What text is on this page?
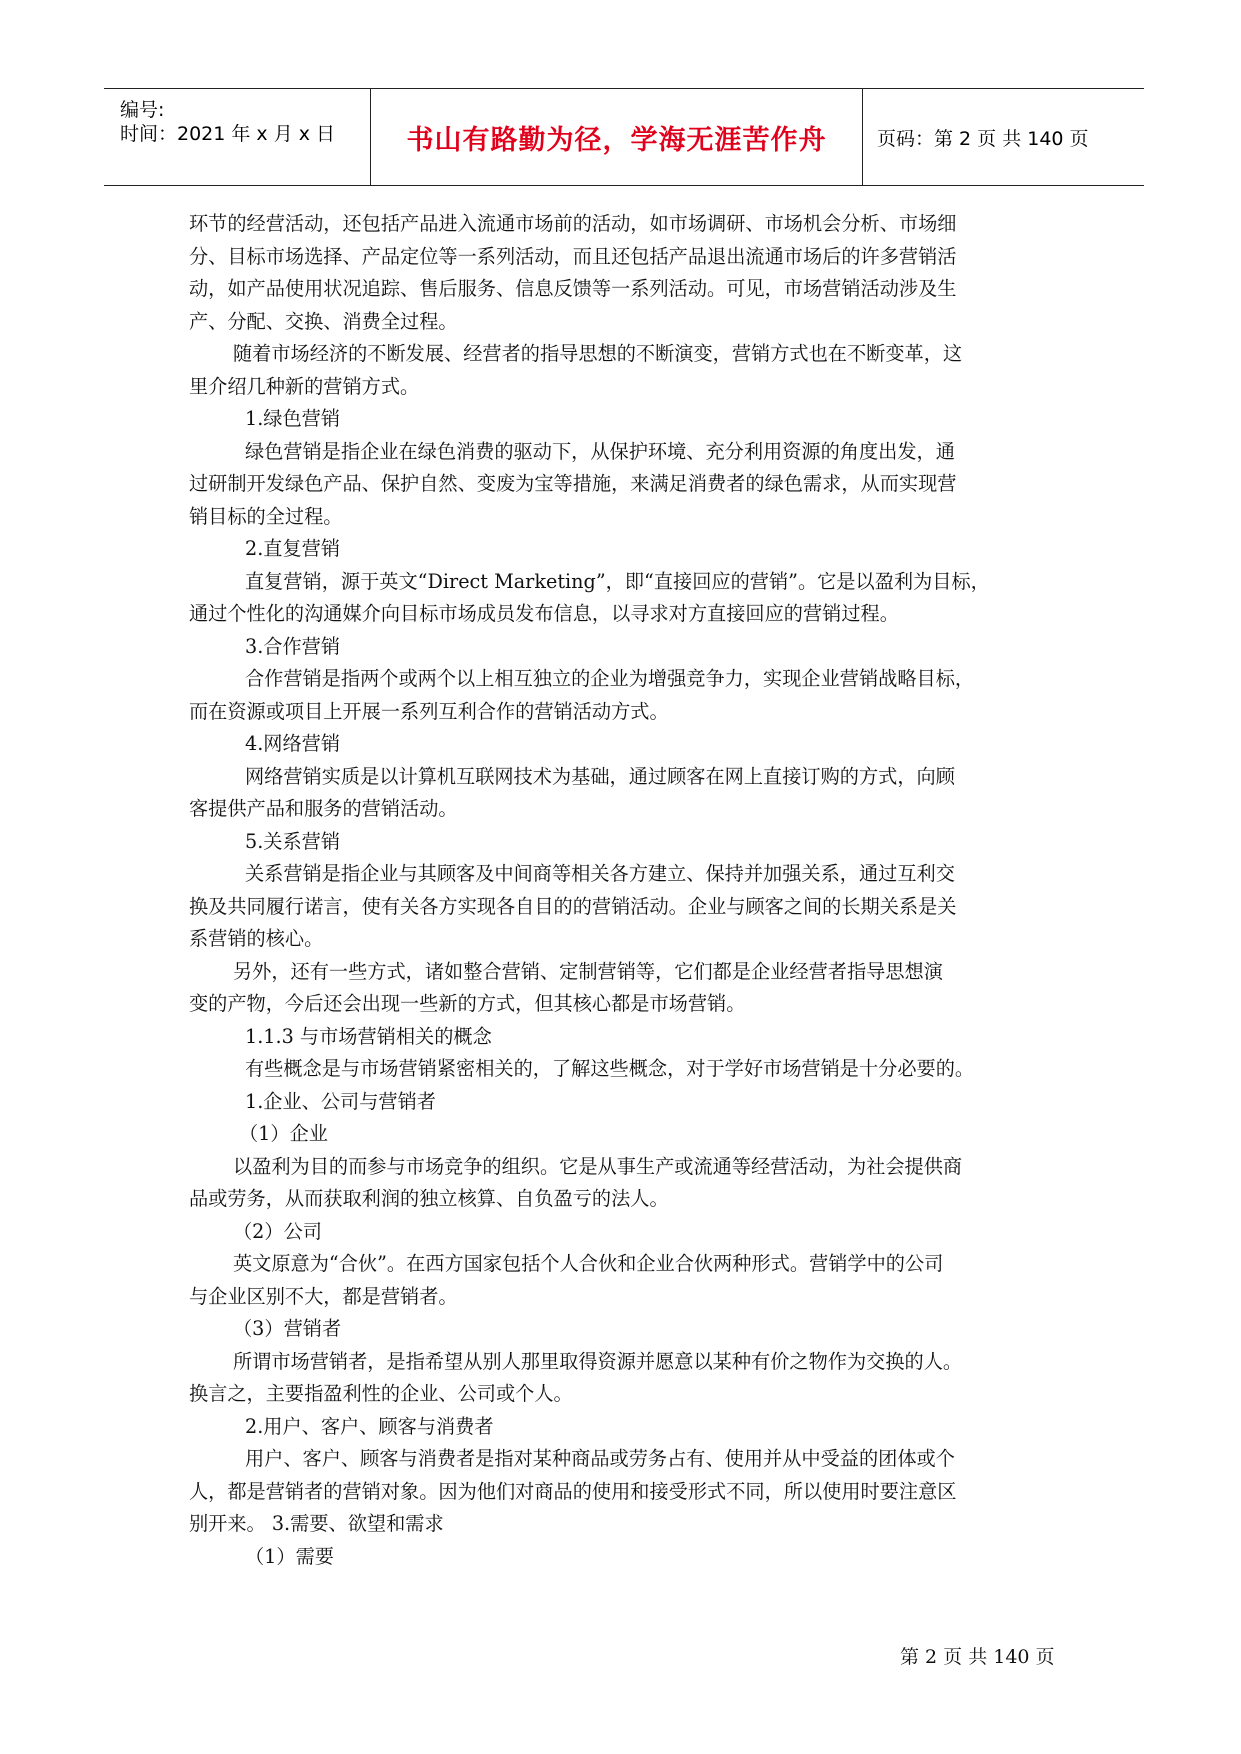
编号:
时间：2021 年 x 月 x 日	书山有路勤为径，学海无涯苦作舟	页码：第 2 页 共 140 页
环节的经营活动，还包括产品进入流通市场前的活动，如市场调研、市场机会分析、市场细
分、目标市场选择、产品定位等一系列活动，而且还包括产品退出流通市场后的许多营销活
动，如产品使用状况追踪、售后服务、信息反馈等一系列活动。可见，市场营销活动涉及生
产、分配、交换、消费全过程。
随着市场经济的不断发展、经营者的指导思想的不断演变，营销方式也在不断变革，这
里介绍几种新的营销方式。
1.绿色营销
绿色营销是指企业在绿色消费的驱动下，从保护环境、充分利用资源的角度出发，通
过研制开发绿色产品、保护自然、变废为宝等措施，来满足消费者的绿色需求，从而实现营
销目标的全过程。
2.直复营销
直复营销，源于英文“Direct Marketing”，即“直接回应的营销”。它是以盈利为目标，
通过个性化的沟通媒介向目标市场成员发布信息，以寻求对方直接回应的营销过程。
3.合作营销
合作营销是指两个或两个以上相互独立的企业为增强竞争力，实现企业营销战略目标，
而在资源或项目上开展一系列互利合作的营销活动方式。
4.网络营销
网络营销实质是以计算机互联网技术为基础，通过顾客在网上直接订购的方式，向顾
客提供产品和服务的营销活动。
5.关系营销
关系营销是指企业与其顾客及中间商等相关各方建立、保持并加强关系，通过互利交
换及共同履行诺言，使有关各方实现各自目的的营销活动。企业与顾客之间的长期关系是关
系营销的核心。
另外，还有一些方式，诸如整合营销、定制营销等，它们都是企业经营者指导思想演
变的产物，今后还会出现一些新的方式，但其核心都是市场营销。
1.1.3 与市场营销相关的概念
有些概念是与市场营销紧密相关的，了解这些概念，对于学好市场营销是十分必要的。
1.企业、公司与营销者
（1）企业
以盈利为目的而参与市场竞争的组织。它是从事生产或流通等经营活动，为社会提供商
品或劳务，从而获取利润的独立核算、自负盈亏的法人。
（2）公司
英文原意为“合伙”。在西方国家包括个人合伙和企业合伙两种形式。营销学中的公司
与企业区别不大，都是营销者。
（3）营销者
所谓市场营销者，是指希望从别人那里取得资源并愿意以某种有价之物作为交换的人。
换言之，主要指盈利性的企业、公司或个人。
2.用户、客户、顾客与消费者
用户、客户、顾客与消费者是指对某种商品或劳务占有、使用并从中受益的团体或个
人，都是营销者的营销对象。因为他们对商品的使用和接受形式不同，所以使用时要注意区
别开来。 3.需要、欲望和需求
（1）需要
第 2 页 共 140 页
